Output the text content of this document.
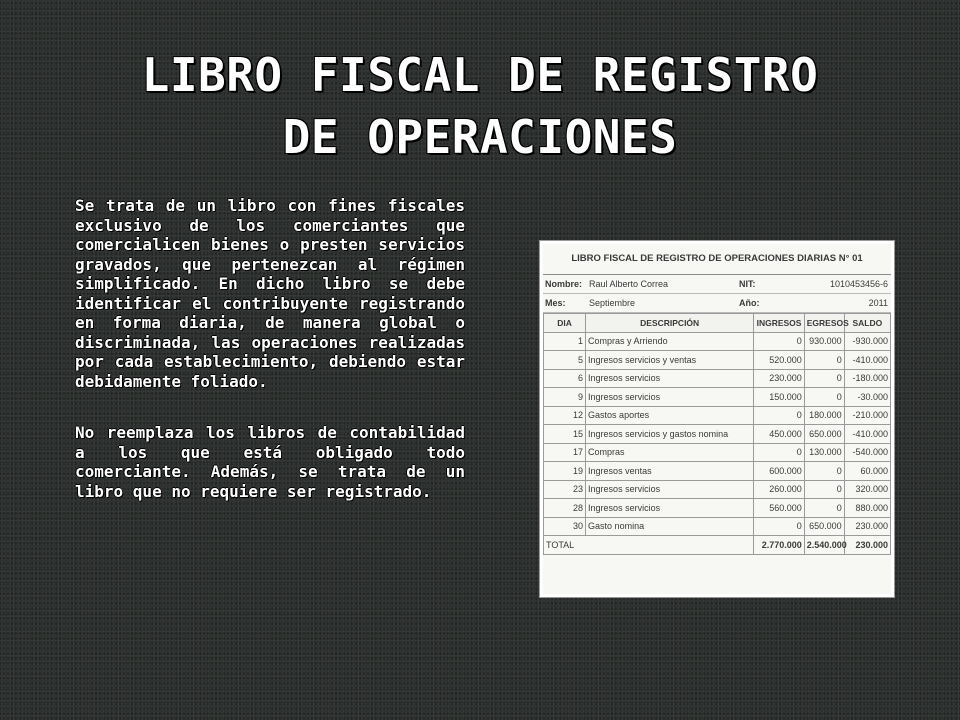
LIBRO FISCAL DE REGISTRO
DE OPERACIONES

Se trata de un libro con fines fiscales exclusivo de los comerciantes que comercialicen bienes o presten servicios gravados, que pertenezcan al régimen simplificado. En dicho libro se debe identificar el contribuyente registrando en forma diaria, de manera global o discriminada, las operaciones realizadas por cada establecimiento, debiendo estar debidamente foliado.

No reemplaza los libros de contabilidad a los que está obligado todo comerciante. Además, se trata de un libro que no requiere ser registrado.

LIBRO FISCAL DE REGISTRO DE OPERACIONES DIARIAS N° 01
Nombre: Raul Alberto Correa	NIT:	1010453456-6
Mes:	Septiembre	Año:	2011
DIA	DESCRIPCIÓN	INGRESOS	EGRESOS	SALDO
1	Compras y Arriendo	0	930.000	-930.000
5	Ingresos servicios y ventas	520.000	0	-410.000
6	Ingresos servicios	230.000	0	-180.000
9	Ingresos servicios	150.000	0	-30.000
12	Gastos aportes	0	180.000	-210.000
15	Ingresos servicios y gastos nomina	450.000	650.000	-410.000
17	Compras	0	130.000	-540.000
19	Ingresos ventas	600.000	0	60.000
23	Ingresos servicios	260.000	0	320.000
28	Ingresos servicios	560.000	0	880.000
30	Gasto nomina	0	650.000	230.000
TOTAL		2.770.000	2.540.000	230.000
